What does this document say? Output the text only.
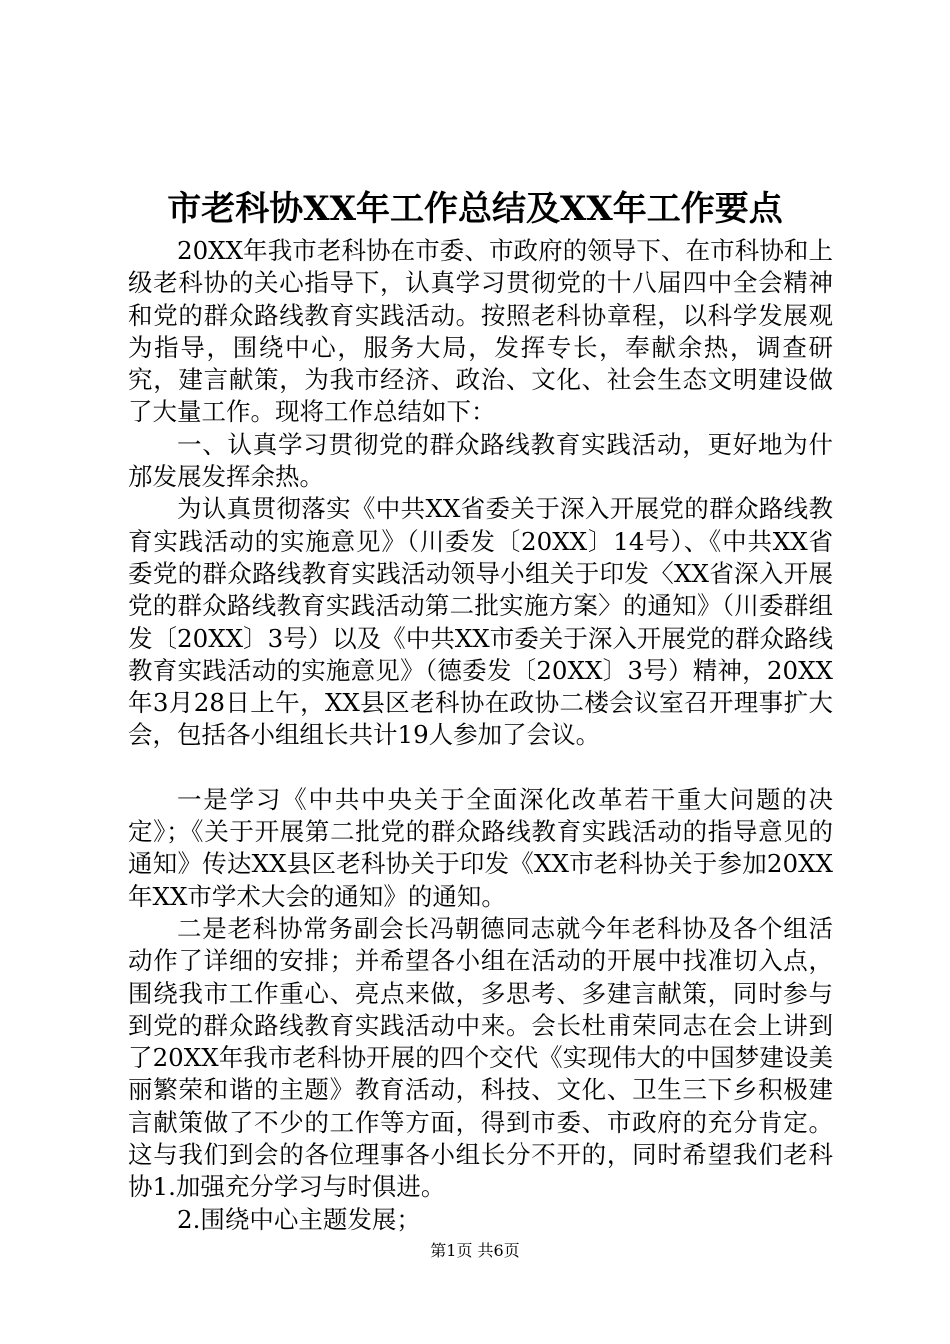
市老科协XX年工作总结及XX年工作要点

20XX年我市老科协在市委、市政府的领导下、在市科协和上级老科协的关心指导下，认真学习贯彻党的十八届四中全会精神和党的群众路线教育实践活动。按照老科协章程，以科学发展观为指导，围绕中心，服务大局，发挥专长，奉献余热，调查研究，建言献策，为我市经济、政治、文化、社会生态文明建设做了大量工作。现将工作总结如下：

一、认真学习贯彻党的群众路线教育实践活动，更好地为什邡发展发挥余热。

为认真贯彻落实《中共XX省委关于深入开展党的群众路线教育实践活动的实施意见》（川委发〔20XX〕14号）、《中共XX省委党的群众路线教育实践活动领导小组关于印发〈XX省深入开展党的群众路线教育实践活动第二批实施方案〉的通知》（川委群组发〔20XX〕3号）以及《中共XX市委关于深入开展党的群众路线教育实践活动的实施意见》（德委发〔20XX〕3号）精神，20XX年3月28日上午，XX县区老科协在政协二楼会议室召开理事扩大会，包括各小组组长共计19人参加了会议。

一是学习《中共中央关于全面深化改革若干重大问题的决定》；《关于开展第二批党的群众路线教育实践活动的指导意见的通知》传达XX县区老科协关于印发《XX市老科协关于参加20XX年XX市学术大会的通知》的通知。

二是老科协常务副会长冯朝德同志就今年老科协及各个组活动作了详细的安排；并希望各小组在活动的开展中找准切入点，围绕我市工作重心、亮点来做，多思考、多建言献策，同时参与到党的群众路线教育实践活动中来。会长杜甫荣同志在会上讲到了20XX年我市老科协开展的四个交代《实现伟大的中国梦建设美丽繁荣和谐的主题》教育活动，科技、文化、卫生三下乡积极建言献策做了不少的工作等方面，得到市委、市政府的充分肯定。这与我们到会的各位理事各小组长分不开的，同时希望我们老科协1.加强充分学习与时俱进。

2.围绕中心主题发展；

第1页 共6页
